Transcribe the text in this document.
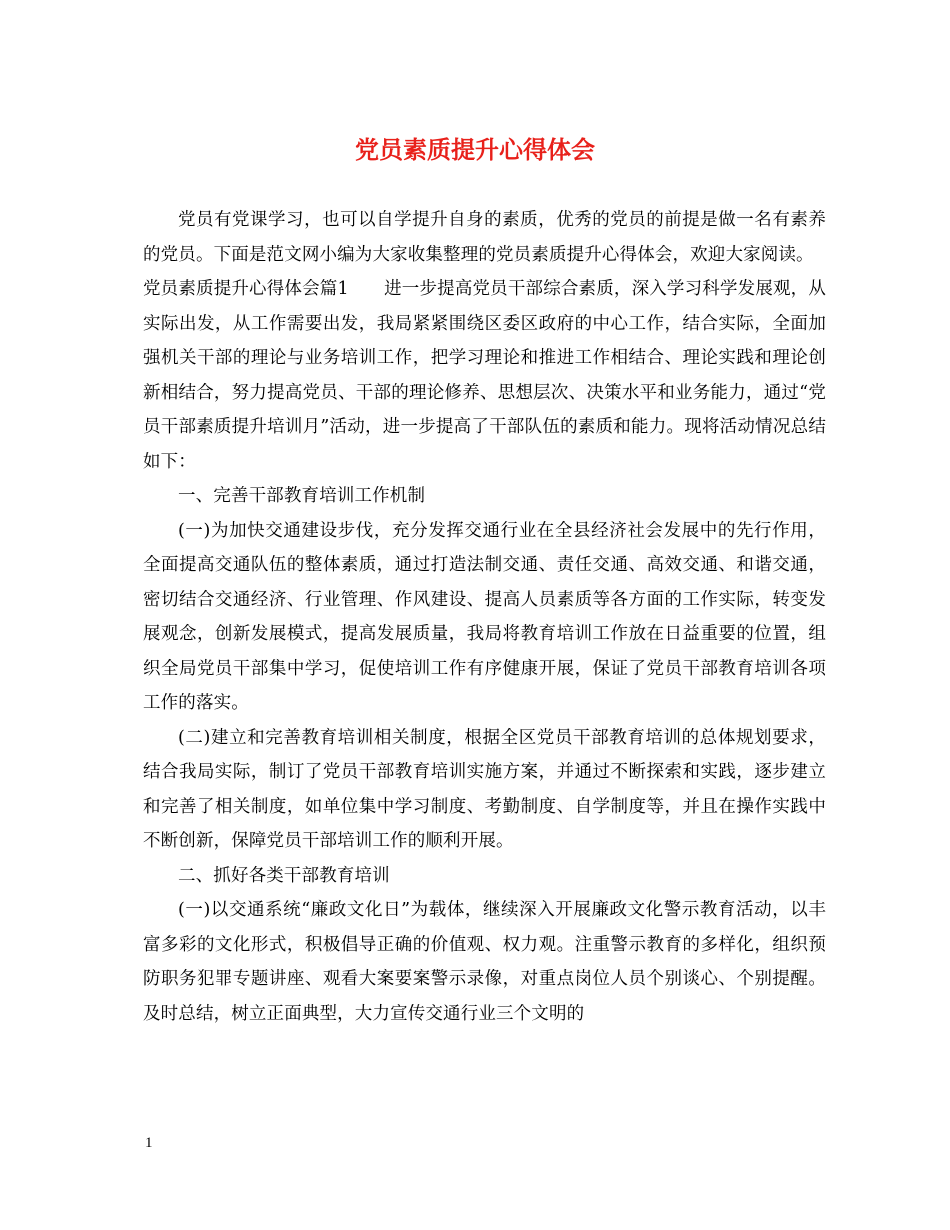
党员素质提升心得体会

党员有党课学习，也可以自学提升自身的素质，优秀的党员的前提是做一名有素养的党员。下面是范文网小编为大家收集整理的党员素质提升心得体会，欢迎大家阅读。

党员素质提升心得体会篇1　　进一步提高党员干部综合素质，深入学习科学发展观，从实际出发，从工作需要出发，我局紧紧围绕区委区政府的中心工作，结合实际，全面加强机关干部的理论与业务培训工作，把学习理论和推进工作相结合、理论实践和理论创新相结合，努力提高党员、干部的理论修养、思想层次、决策水平和业务能力，通过“党员干部素质提升培训月”活动，进一步提高了干部队伍的素质和能力。现将活动情况总结如下：

一、完善干部教育培训工作机制

(一)为加快交通建设步伐，充分发挥交通行业在全县经济社会发展中的先行作用，全面提高交通队伍的整体素质，通过打造法制交通、责任交通、高效交通、和谐交通，密切结合交通经济、行业管理、作风建设、提高人员素质等各方面的工作实际，转变发展观念，创新发展模式，提高发展质量，我局将教育培训工作放在日益重要的位置，组织全局党员干部集中学习，促使培训工作有序健康开展，保证了党员干部教育培训各项工作的落实。

(二)建立和完善教育培训相关制度，根据全区党员干部教育培训的总体规划要求，结合我局实际，制订了党员干部教育培训实施方案，并通过不断探索和实践，逐步建立和完善了相关制度，如单位集中学习制度、考勤制度、自学制度等，并且在操作实践中不断创新，保障党员干部培训工作的顺利开展。

二、抓好各类干部教育培训

(一)以交通系统“廉政文化日”为载体，继续深入开展廉政文化警示教育活动，以丰富多彩的文化形式，积极倡导正确的价值观、权力观。注重警示教育的多样化，组织预防职务犯罪专题讲座、观看大案要案警示录像，对重点岗位人员个别谈心、个别提醒。及时总结，树立正面典型，大力宣传交通行业三个文明的

1
